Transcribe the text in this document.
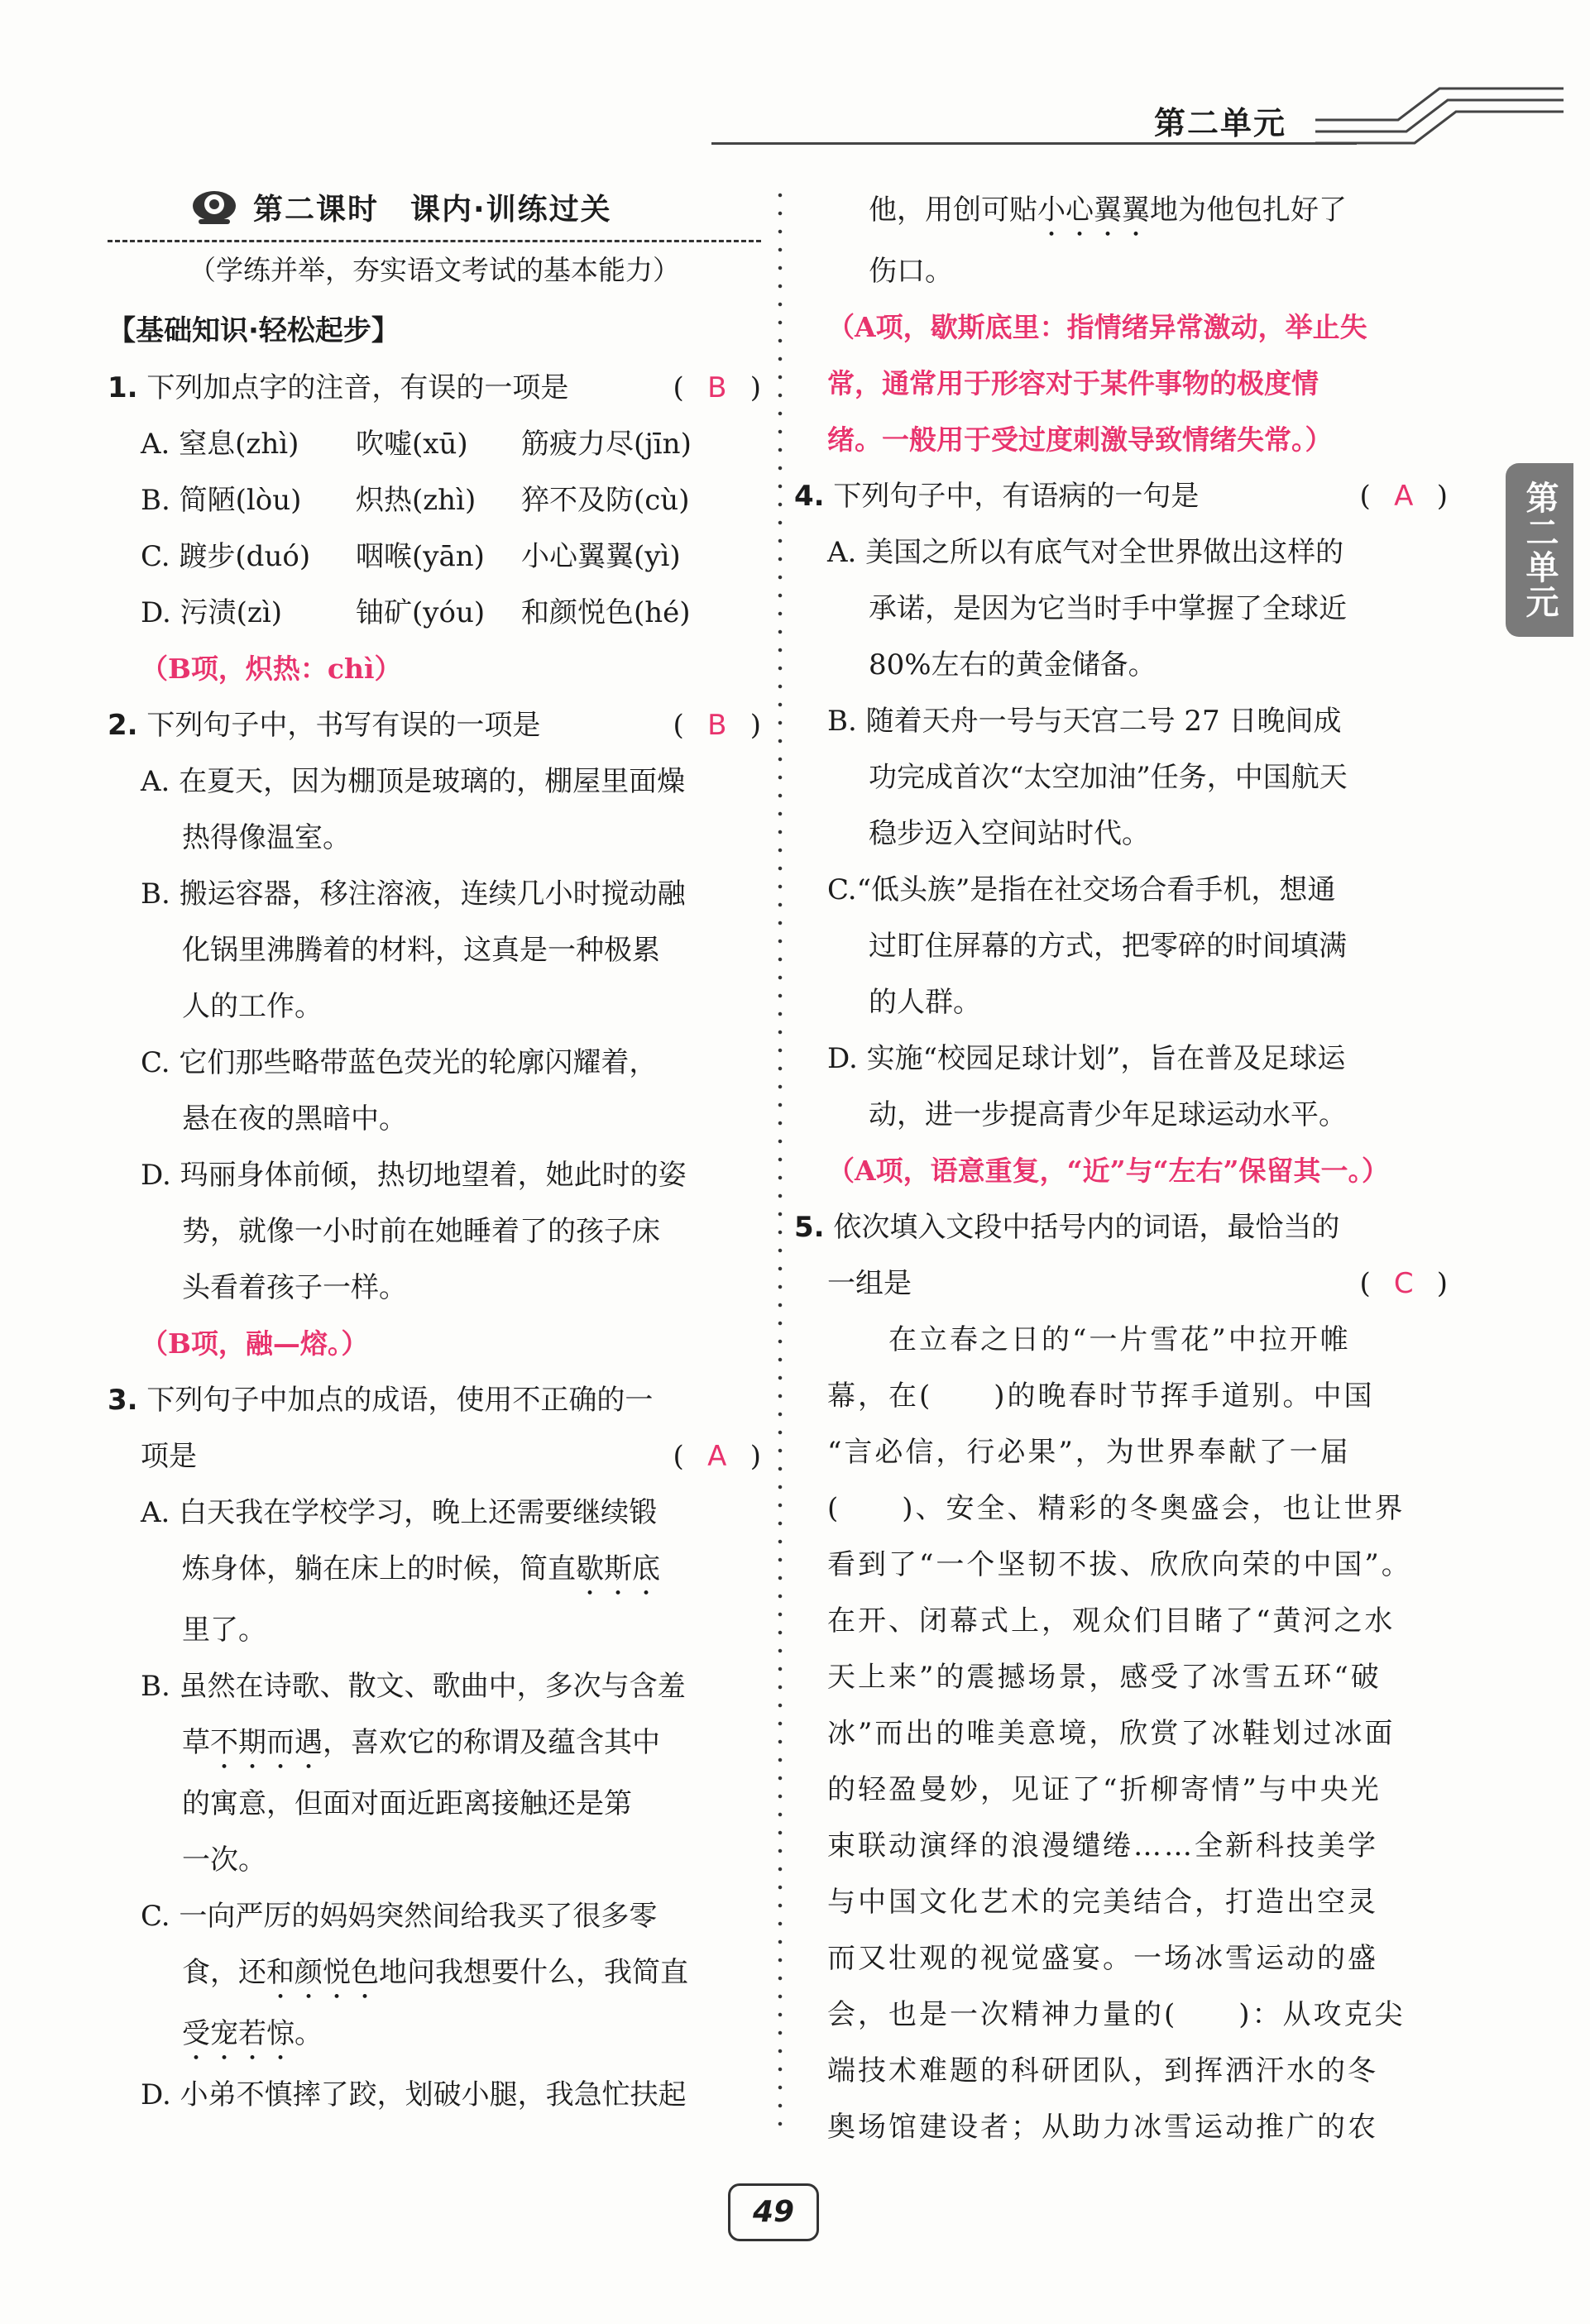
第二单元
第二单元
第二课时　课内·训练过关
（学练并举，夯实语文考试的基本能力）
【基础知识·轻松起步】
1. 下列加点字的注音，有误的一项是	( B )
A. 窒息(zhì)	吹嘘(xū)	筋疲力尽(jīn)
B. 简陋(lòu)	炽热(zhì)	猝不及防(cù)
C. 踱步(duó)	咽喉(yān)	小心翼翼(yì)
D. 污渍(zì)	铀矿(yóu)	和颜悦色(hé)
（B项，炽热：chì）
2. 下列句子中，书写有误的一项是	( B )
A. 在夏天，因为棚顶是玻璃的，棚屋里面燥
热得像温室。
B. 搬运容器，移注溶液，连续几小时搅动融
化锅里沸腾着的材料，这真是一种极累
人的工作。
C. 它们那些略带蓝色荧光的轮廓闪耀着，
悬在夜的黑暗中。
D. 玛丽身体前倾，热切地望着，她此时的姿
势，就像一小时前在她睡着了的孩子床
头看着孩子一样。
（B项，融—熔。）
3. 下列句子中加点的成语，使用不正确的一
项是	( A )
A. 白天我在学校学习，晚上还需要继续锻
炼身体，躺在床上的时候，简直歇斯底
里了。
B. 虽然在诗歌、散文、歌曲中，多次与含羞
草不期而遇，喜欢它的称谓及蕴含其中
的寓意，但面对面近距离接触还是第
一次。
C. 一向严厉的妈妈突然间给我买了很多零
食，还和颜悦色地问我想要什么，我简直
受宠若惊。
D. 小弟不慎摔了跤，划破小腿，我急忙扶起
他，用创可贴小心翼翼地为他包扎好了
伤口。
（A项，歇斯底里：指情绪异常激动，举止失
常，通常用于形容对于某件事物的极度情
绪。一般用于受过度刺激导致情绪失常。）
4. 下列句子中，有语病的一句是	( A )
A. 美国之所以有底气对全世界做出这样的
承诺，是因为它当时手中掌握了全球近
80%左右的黄金储备。
B. 随着天舟一号与天宫二号 27 日晚间成
功完成首次“太空加油”任务，中国航天
稳步迈入空间站时代。
C.“低头族”是指在社交场合看手机，想通
过盯住屏幕的方式，把零碎的时间填满
的人群。
D. 实施“校园足球计划”，旨在普及足球运
动，进一步提高青少年足球运动水平。
（A项，语意重复，“近”与“左右”保留其一。）
5. 依次填入文段中括号内的词语，最恰当的
一组是	( C )
　　在立春之日的“一片雪花”中拉开帷
幕，在(　　)的晚春时节挥手道别。中国
“言必信，行必果”，为世界奉献了一届
(　　)、安全、精彩的冬奥盛会，也让世界
看到了“一个坚韧不拔、欣欣向荣的中国”。
在开、闭幕式上，观众们目睹了“黄河之水
天上来”的震撼场景，感受了冰雪五环“破
冰”而出的唯美意境，欣赏了冰鞋划过冰面
的轻盈曼妙，见证了“折柳寄情”与中央光
束联动演绎的浪漫缱绻……全新科技美学
与中国文化艺术的完美结合，打造出空灵
而又壮观的视觉盛宴。一场冰雪运动的盛
会，也是一次精神力量的(　　)：从攻克尖
端技术难题的科研团队，到挥洒汗水的冬
奥场馆建设者；从助力冰雪运动推广的农
49
